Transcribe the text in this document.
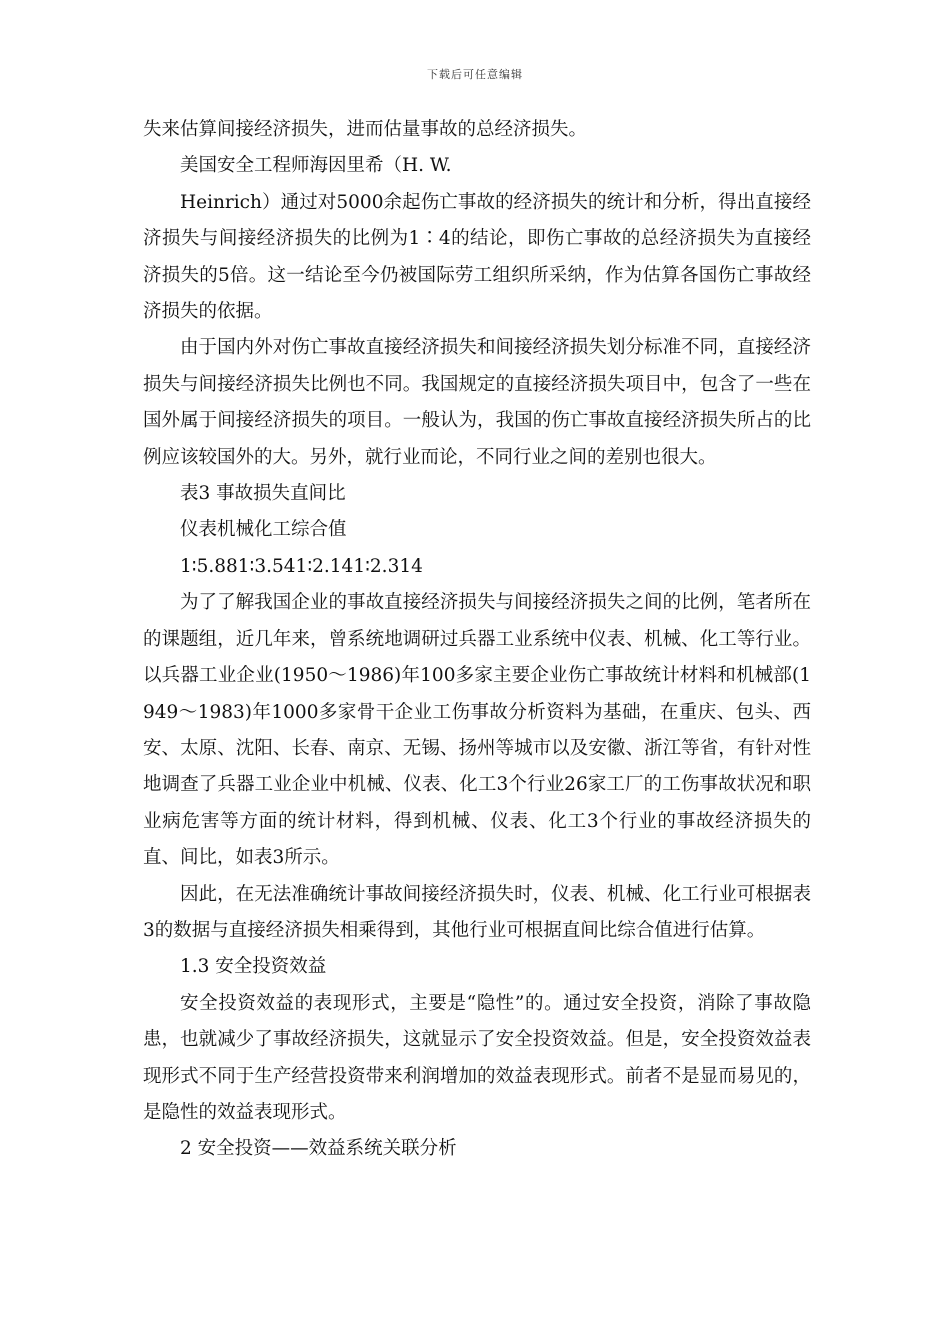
下载后可任意编辑

失来估算间接经济损失，进而估量事故的总经济损失。

美国安全工程师海因里希（H. W.

Heinrich）通过对5000余起伤亡事故的经济损失的统计和分析，得出直接经济损失与间接经济损失的比例为1∶4的结论，即伤亡事故的总经济损失为直接经济损失的5倍。这一结论至今仍被国际劳工组织所采纳，作为估算各国伤亡事故经济损失的依据。

由于国内外对伤亡事故直接经济损失和间接经济损失划分标准不同，直接经济损失与间接经济损失比例也不同。我国规定的直接经济损失项目中，包含了一些在国外属于间接经济损失的项目。一般认为，我国的伤亡事故直接经济损失所占的比例应该较国外的大。另外，就行业而论，不同行业之间的差别也很大。

表3 事故损失直间比

仪表机械化工综合值

1∶5.881∶3.541∶2.141∶2.314

为了了解我国企业的事故直接经济损失与间接经济损失之间的比例，笔者所在的课题组，近几年来，曾系统地调研过兵器工业系统中仪表、机械、化工等行业。以兵器工业企业(1950～1986)年100多家主要企业伤亡事故统计材料和机械部(1949～1983)年1000多家骨干企业工伤事故分析资料为基础，在重庆、包头、西安、太原、沈阳、长春、南京、无锡、扬州等城市以及安徽、浙江等省，有针对性地调查了兵器工业企业中机械、仪表、化工3个行业26家工厂的工伤事故状况和职业病危害等方面的统计材料，得到机械、仪表、化工3个行业的事故经济损失的直、间比，如表3所示。

因此，在无法准确统计事故间接经济损失时，仪表、机械、化工行业可根据表3的数据与直接经济损失相乘得到，其他行业可根据直间比综合值进行估算。

1.3 安全投资效益

安全投资效益的表现形式，主要是“隐性”的。通过安全投资，消除了事故隐患，也就减少了事故经济损失，这就显示了安全投资效益。但是，安全投资效益表现形式不同于生产经营投资带来利润增加的效益表现形式。前者不是显而易见的，是隐性的效益表现形式。

2 安全投资——效益系统关联分析
